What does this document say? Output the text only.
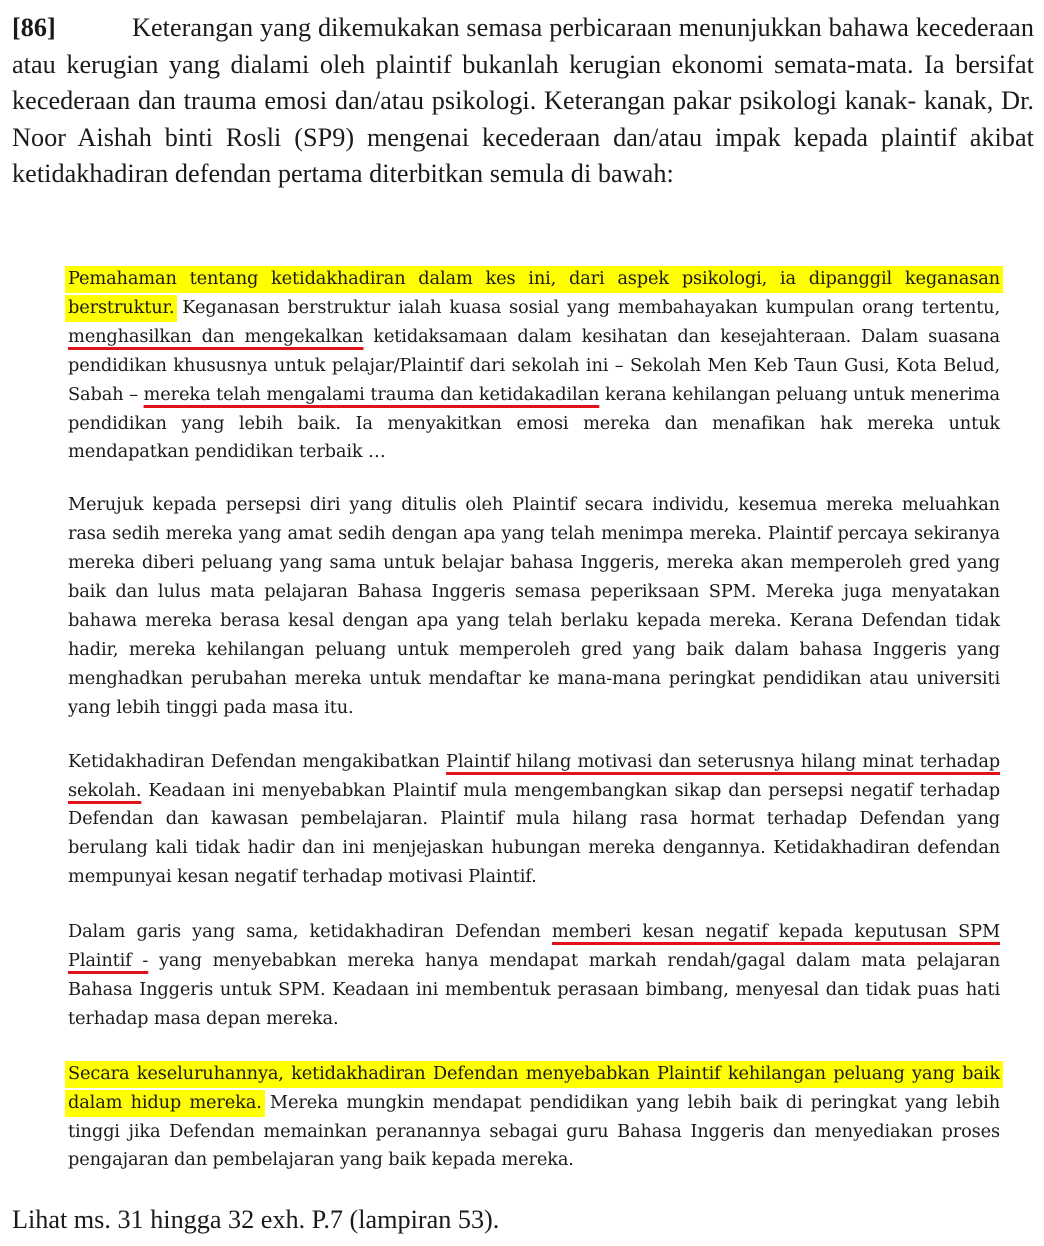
[86]	Keterangan yang dikemukakan semasa perbicaraan menunjukkan bahawa kecederaan atau kerugian yang dialami oleh plaintif bukanlah kerugian ekonomi semata-mata. Ia bersifat kecederaan dan trauma emosi dan/atau psikologi. Keterangan pakar psikologi kanak- kanak, Dr. Noor Aishah binti Rosli (SP9) mengenai kecederaan dan/atau impak kepada plaintif akibat ketidakhadiran defendan pertama diterbitkan semula di bawah:

Pemahaman tentang ketidakhadiran dalam kes ini, dari aspek psikologi, ia dipanggil keganasan berstruktur. Keganasan berstruktur ialah kuasa sosial yang membahayakan kumpulan orang tertentu, menghasilkan dan mengekalkan ketidaksamaan dalam kesihatan dan kesejahteraan. Dalam suasana pendidikan khususnya untuk pelajar/Plaintif dari sekolah ini – Sekolah Men Keb Taun Gusi, Kota Belud, Sabah – mereka telah mengalami trauma dan ketidakadilan kerana kehilangan peluang untuk menerima pendidikan yang lebih baik. Ia menyakitkan emosi mereka dan menafikan hak mereka untuk mendapatkan pendidikan terbaik …

Merujuk kepada persepsi diri yang ditulis oleh Plaintif secara individu, kesemua mereka meluahkan rasa sedih mereka yang amat sedih dengan apa yang telah menimpa mereka. Plaintif percaya sekiranya mereka diberi peluang yang sama untuk belajar bahasa Inggeris, mereka akan memperoleh gred yang baik dan lulus mata pelajaran Bahasa Inggeris semasa peperiksaan SPM. Mereka juga menyatakan bahawa mereka berasa kesal dengan apa yang telah berlaku kepada mereka. Kerana Defendan tidak hadir, mereka kehilangan peluang untuk memperoleh gred yang baik dalam bahasa Inggeris yang menghadkan perubahan mereka untuk mendaftar ke mana-mana peringkat pendidikan atau universiti yang lebih tinggi pada masa itu.

Ketidakhadiran Defendan mengakibatkan Plaintif hilang motivasi dan seterusnya hilang minat terhadap sekolah. Keadaan ini menyebabkan Plaintif mula mengembangkan sikap dan persepsi negatif terhadap Defendan dan kawasan pembelajaran. Plaintif mula hilang rasa hormat terhadap Defendan yang berulang kali tidak hadir dan ini menjejaskan hubungan mereka dengannya. Ketidakhadiran defendan mempunyai kesan negatif terhadap motivasi Plaintif.

Dalam garis yang sama, ketidakhadiran Defendan memberi kesan negatif kepada keputusan SPM Plaintif - yang menyebabkan mereka hanya mendapat markah rendah/gagal dalam mata pelajaran Bahasa Inggeris untuk SPM. Keadaan ini membentuk perasaan bimbang, menyesal dan tidak puas hati terhadap masa depan mereka.

Secara keseluruhannya, ketidakhadiran Defendan menyebabkan Plaintif kehilangan peluang yang baik dalam hidup mereka. Mereka mungkin mendapat pendidikan yang lebih baik di peringkat yang lebih tinggi jika Defendan memainkan peranannya sebagai guru Bahasa Inggeris dan menyediakan proses pengajaran dan pembelajaran yang baik kepada mereka.

Lihat ms. 31 hingga 32 exh. P.7 (lampiran 53).
